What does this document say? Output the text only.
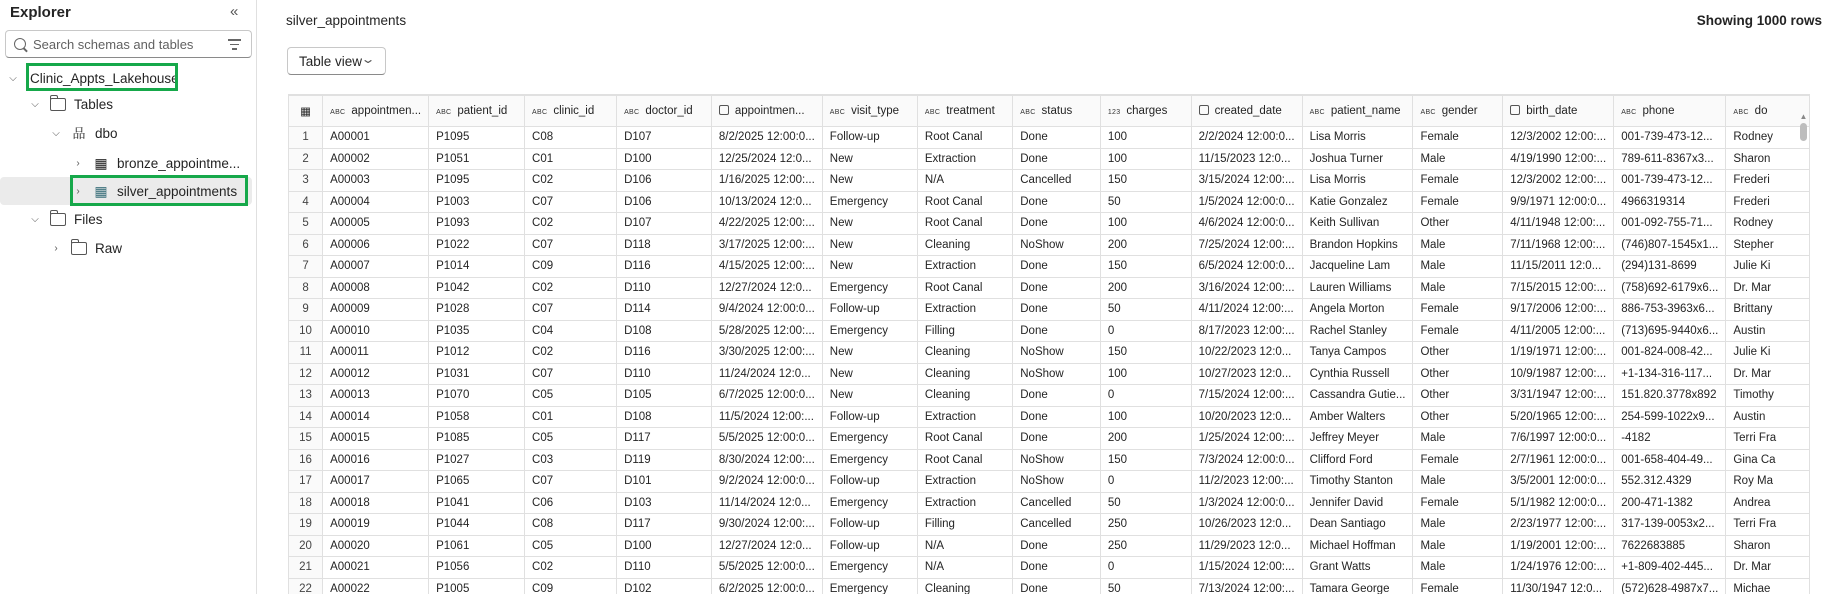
Explorer	«
Search schemas and tables
⌵ Clinic_Appts_Lakehouse
⌵	Tables
⌵ 品 dbo
›	▦ bronze_appointme...
›	▦ silver_appointments
⌵	Files
›	Raw
silver_appointments	Showing 1000 rows
Table view
⌄
▦	ABC appointmen...	ABC patient_id	ABC clinic_id	ABC doctor_id	appointmen...	ABC visit_type	ABC treatment	ABC status	123 charges	created_date	ABC patient_name	ABC gender	birth_date	ABC phone	ABC do
1	A00001	P1095	C08	D107	8/2/2025 12:00:0...	Follow-up	Root Canal	Done	100	2/2/2024 12:00:0...	Lisa Morris	Female	12/3/2002 12:00:...	001-739-473-12...	Rodney
2	A00002	P1051	C01	D100	12/25/2024 12:0...	New	Extraction	Done	100	11/15/2023 12:0...	Joshua Turner	Male	4/19/1990 12:00:...	789-611-8367x3...	Sharon
3	A00003	P1095	C02	D106	1/16/2025 12:00:...	New	N/A	Cancelled	150	3/15/2024 12:00:...	Lisa Morris	Female	12/3/2002 12:00:...	001-739-473-12...	Frederi
4	A00004	P1003	C07	D106	10/13/2024 12:0...	Emergency	Root Canal	Done	50	1/5/2024 12:00:0...	Katie Gonzalez	Female	9/9/1971 12:00:0...	4966319314	Frederi
5	A00005	P1093	C02	D107	4/22/2025 12:00:...	New	Root Canal	Done	100	4/6/2024 12:00:0...	Keith Sullivan	Other	4/11/1948 12:00:...	001-092-755-71...	Rodney
6	A00006	P1022	C07	D118	3/17/2025 12:00:...	New	Cleaning	NoShow	200	7/25/2024 12:00:...	Brandon Hopkins	Male	7/11/1968 12:00:...	(746)807-1545x1...	Stepher
7	A00007	P1014	C09	D116	4/15/2025 12:00:...	New	Extraction	Done	150	6/5/2024 12:00:0...	Jacqueline Lam	Male	11/15/2011 12:0...	(294)131-8699	Julie Ki
8	A00008	P1042	C02	D110	12/27/2024 12:0...	Emergency	Root Canal	Done	200	3/16/2024 12:00:...	Lauren Williams	Male	7/15/2015 12:00:...	(758)692-6179x6...	Dr. Mar
9	A00009	P1028	C07	D114	9/4/2024 12:00:0...	Follow-up	Extraction	Done	50	4/11/2024 12:00:...	Angela Morton	Female	9/17/2006 12:00:...	886-753-3963x6...	Brittany
10	A00010	P1035	C04	D108	5/28/2025 12:00:...	Emergency	Filling	Done	0	8/17/2023 12:00:...	Rachel Stanley	Female	4/11/2005 12:00:...	(713)695-9440x6...	Austin
11	A00011	P1012	C02	D116	3/30/2025 12:00:...	New	Cleaning	NoShow	150	10/22/2023 12:0...	Tanya Campos	Other	1/19/1971 12:00:...	001-824-008-42...	Julie Ki
12	A00012	P1031	C07	D110	11/24/2024 12:0...	New	Cleaning	NoShow	100	10/27/2023 12:0...	Cynthia Russell	Other	10/9/1987 12:00:...	+1-134-316-117...	Dr. Mar
13	A00013	P1070	C05	D105	6/7/2025 12:00:0...	New	Cleaning	Done	0	7/15/2024 12:00:...	Cassandra Gutie...	Other	3/31/1947 12:00:...	151.820.3778x892	Timothy
14	A00014	P1058	C01	D108	11/5/2024 12:00:...	Follow-up	Extraction	Done	100	10/20/2023 12:0...	Amber Walters	Other	5/20/1965 12:00:...	254-599-1022x9...	Austin
15	A00015	P1085	C05	D117	5/5/2025 12:00:0...	Emergency	Root Canal	Done	200	1/25/2024 12:00:...	Jeffrey Meyer	Male	7/6/1997 12:00:0...	-4182	Terri Fra
16	A00016	P1027	C03	D119	8/30/2024 12:00:...	Emergency	Root Canal	NoShow	150	7/3/2024 12:00:0...	Clifford Ford	Female	2/7/1961 12:00:0...	001-658-404-49...	Gina Ca
17	A00017	P1065	C07	D101	9/2/2024 12:00:0...	Follow-up	Extraction	NoShow	0	11/2/2023 12:00:...	Timothy Stanton	Male	3/5/2001 12:00:0...	552.312.4329	Roy Ma
18	A00018	P1041	C06	D103	11/14/2024 12:0...	Emergency	Extraction	Cancelled	50	1/3/2024 12:00:0...	Jennifer David	Female	5/1/1982 12:00:0...	200-471-1382	Andrea
19	A00019	P1044	C08	D117	9/30/2024 12:00:...	Follow-up	Filling	Cancelled	250	10/26/2023 12:0...	Dean Santiago	Male	2/23/1977 12:00:...	317-139-0053x2...	Terri Fra
20	A00020	P1061	C05	D100	12/27/2024 12:0...	Follow-up	N/A	Done	250	11/29/2023 12:0...	Michael Hoffman	Male	1/19/2001 12:00:...	7622683885	Sharon
21	A00021	P1056	C02	D110	5/5/2025 12:00:0...	Emergency	N/A	Done	0	1/15/2024 12:00:...	Grant Watts	Male	1/24/1976 12:00:...	+1-809-402-445...	Dr. Mar
22	A00022	P1005	C09	D102	6/2/2025 12:00:0...	Emergency	Cleaning	Done	50	7/13/2024 12:00:...	Tamara George	Female	11/30/1947 12:0...	(572)628-4987x7...	Michae
▲
